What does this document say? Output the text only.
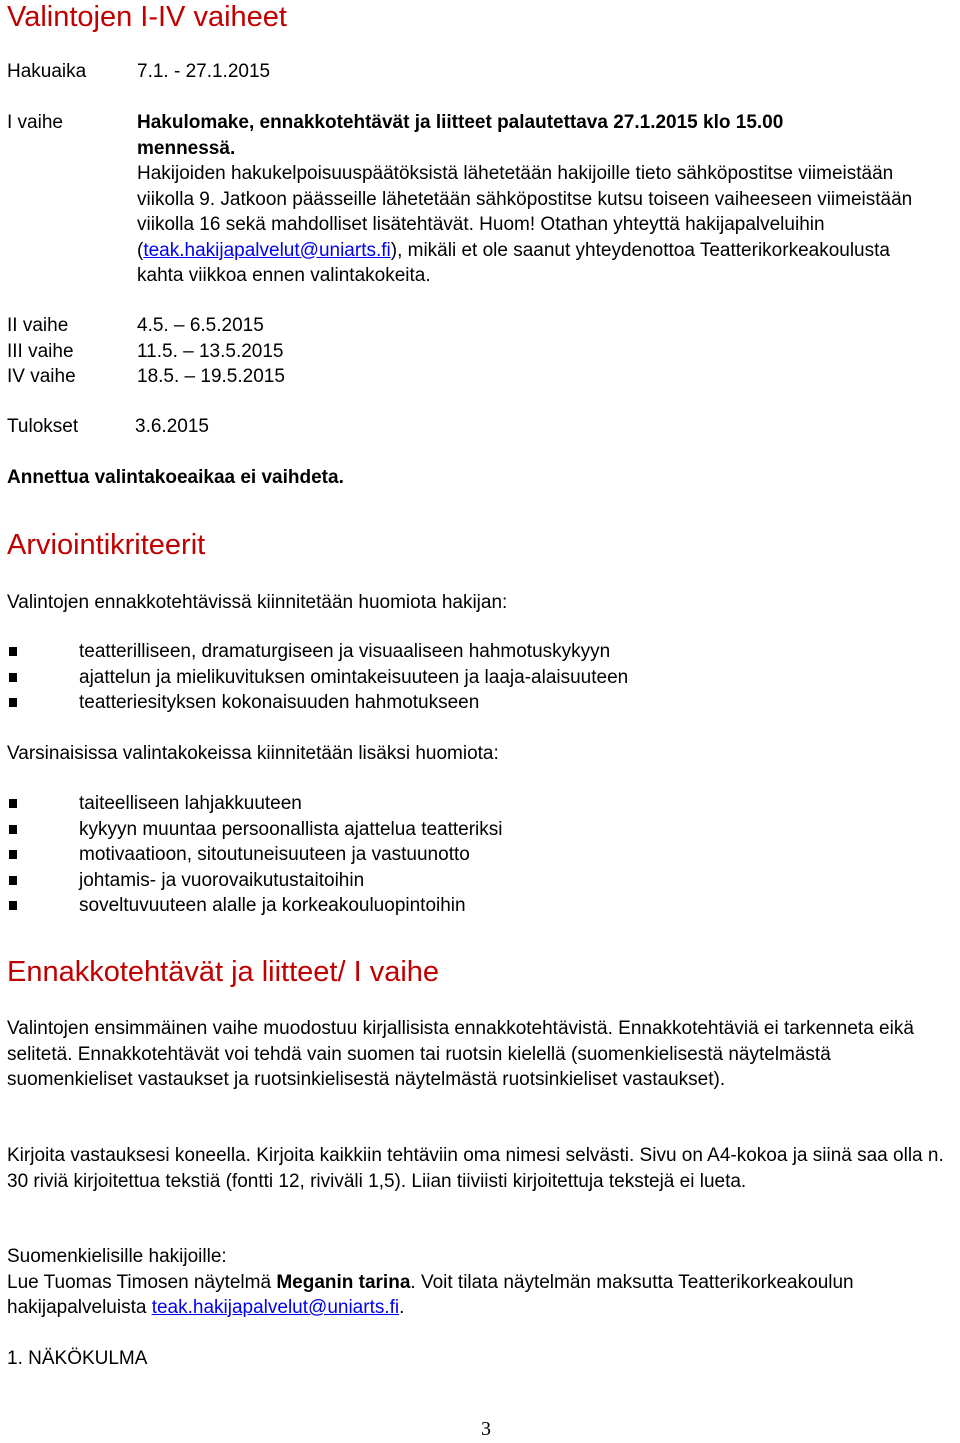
Valintojen I-IV vaiheet
Hakuaika	7.1. - 27.1.2015
I vaihe	Hakulomake, ennakkotehtävät ja liitteet palautettava 27.1.2015 klo 15.00
mennessä.

Hakijoiden hakukelpoisuuspäätöksistä lähetetään hakijoille tieto sähköpostitse viimeistään viikolla 9. Jatkoon päässeille lähetetään sähköpostitse kutsu toiseen vaiheeseen viimeistään viikolla 16 sekä mahdolliset lisätehtävät. Huom! Otathan yhteyttä hakijapalveluihin (teak.hakijapalvelut@uniarts.fi), mikäli et ole saanut yhteydenottoa Teatterikorkeakoulusta kahta viikkoa ennen valintakokeita.

II vaihe	4.5. – 6.5.2015
III vaihe	11.5. – 13.5.2015
IV vaihe	18.5. – 19.5.2015
Tulokset	3.6.2015
Annettua valintakoeaikaa ei vaihdeta.
Arviointikriteerit

Valintojen ennakkotehtävissä kiinnitetään huomiota hakijan:

teatterilliseen, dramaturgiseen ja visuaaliseen hahmotuskykyyn
ajattelun ja mielikuvituksen omintakeisuuteen ja laaja-alaisuuteen
teatteriesityksen kokonaisuuden hahmotukseen

Varsinaisissa valintakokeissa kiinnitetään lisäksi huomiota:

taiteelliseen lahjakkuuteen
kykyyn muuntaa persoonallista ajattelua teatteriksi
motivaatioon, sitoutuneisuuteen ja vastuunotto
johtamis- ja vuorovaikutustaitoihin
soveltuvuuteen alalle ja korkeakouluopintoihin
Ennakkotehtävät ja liitteet/ I vaihe

Valintojen ensimmäinen vaihe muodostuu kirjallisista ennakkotehtävistä. Ennakkotehtäviä ei tarkenneta eikä selitetä. Ennakkotehtävät voi tehdä vain suomen tai ruotsin kielellä (suomenkielisestä näytelmästä suomenkieliset vastaukset ja ruotsinkielisestä näytelmästä ruotsinkieliset vastaukset).

Kirjoita vastauksesi koneella. Kirjoita kaikkiin tehtäviin oma nimesi selvästi. Sivu on A4-kokoa ja siinä saa olla n. 30 riviä kirjoitettua tekstiä (fontti 12, riviväli 1,5). Liian tiiviisti kirjoitettuja tekstejä ei lueta.

Suomenkielisille hakijoille:

Lue Tuomas Timosen näytelmä Meganin tarina. Voit tilata näytelmän maksutta Teatterikorkeakoulun hakijapalveluista teak.hakijapalvelut@uniarts.fi.

1. NÄKÖKULMA
3
